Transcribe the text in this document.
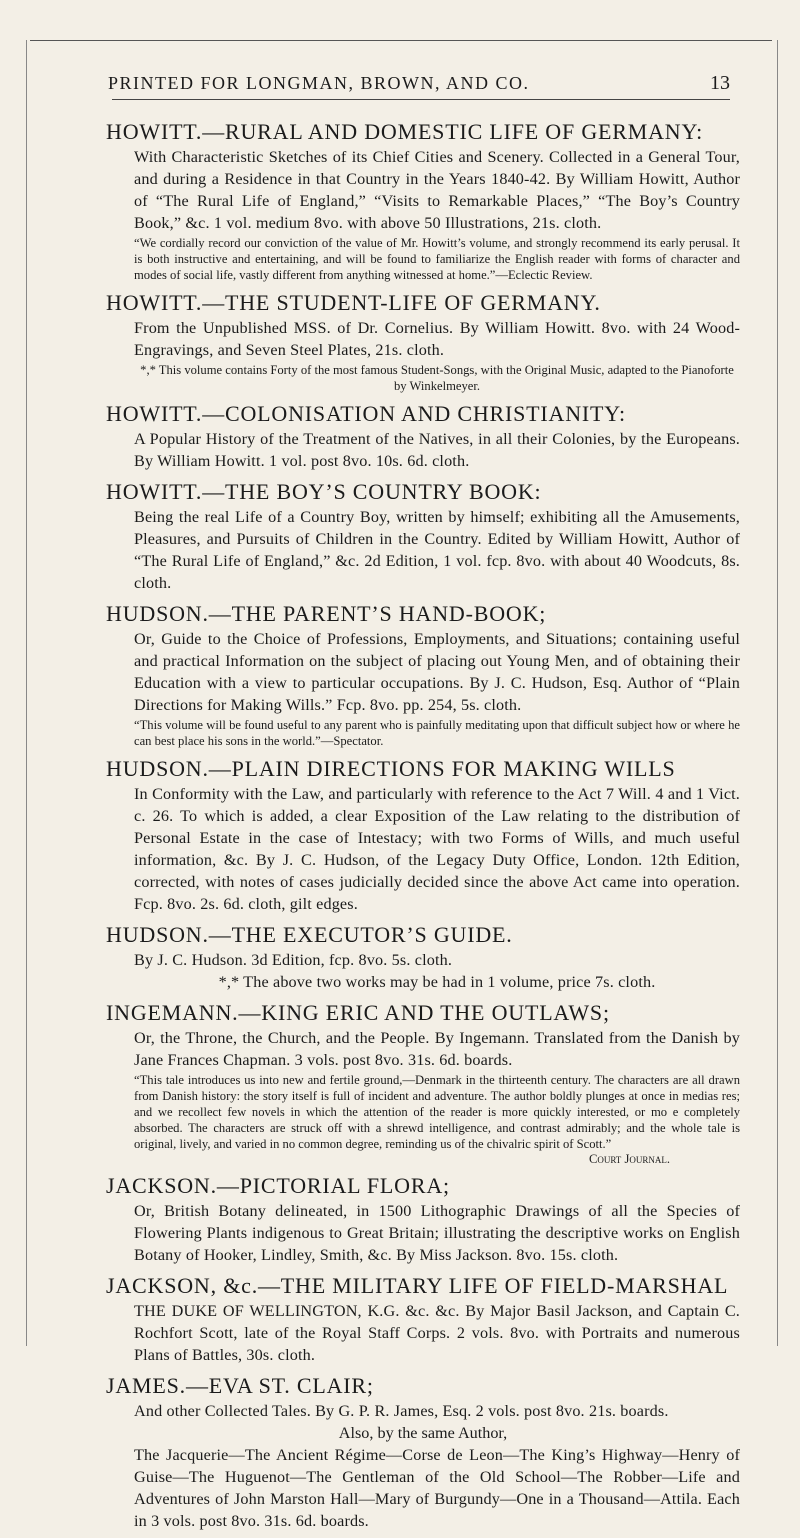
PRINTED FOR LONGMAN, BROWN, AND CO.	13
HOWITT.—RURAL AND DOMESTIC LIFE OF GERMANY:
With Characteristic Sketches of its Chief Cities and Scenery. Collected in a General Tour, and during a Residence in that Country in the Years 1840-42. By William Howitt, Author of “The Rural Life of England,” “Visits to Remarkable Places,” “The Boy’s Country Book,” &c. 1 vol. medium 8vo. with above 50 Illustrations, 21s. cloth.
“We cordially record our conviction of the value of Mr. Howitt’s volume, and strongly recommend its early perusal. It is both instructive and entertaining, and will be found to familiarize the English reader with forms of character and modes of social life, vastly different from anything witnessed at home.”—Eclectic Review.
HOWITT.—THE STUDENT-LIFE OF GERMANY.
From the Unpublished MSS. of Dr. Cornelius. By William Howitt. 8vo. with 24 Wood-Engravings, and Seven Steel Plates, 21s. cloth.
*,* This volume contains Forty of the most famous Student-Songs, with the Original Music, adapted to the Pianoforte by Winkelmeyer.
HOWITT.—COLONISATION AND CHRISTIANITY:
A Popular History of the Treatment of the Natives, in all their Colonies, by the Europeans. By William Howitt. 1 vol. post 8vo. 10s. 6d. cloth.
HOWITT.—THE BOY’S COUNTRY BOOK:
Being the real Life of a Country Boy, written by himself; exhibiting all the Amusements, Pleasures, and Pursuits of Children in the Country. Edited by William Howitt, Author of “The Rural Life of England,” &c. 2d Edition, 1 vol. fcp. 8vo. with about 40 Woodcuts, 8s. cloth.
HUDSON.—THE PARENT’S HAND-BOOK;
Or, Guide to the Choice of Professions, Employments, and Situations; containing useful and practical Information on the subject of placing out Young Men, and of obtaining their Education with a view to particular occupations. By J. C. Hudson, Esq. Author of “Plain Directions for Making Wills.” Fcp. 8vo. pp. 254, 5s. cloth.
“This volume will be found useful to any parent who is painfully meditating upon that difficult subject how or where he can best place his sons in the world.”—Spectator.
HUDSON.—PLAIN DIRECTIONS FOR MAKING WILLS
In Conformity with the Law, and particularly with reference to the Act 7 Will. 4 and 1 Vict. c. 26. To which is added, a clear Exposition of the Law relating to the distribution of Personal Estate in the case of Intestacy; with two Forms of Wills, and much useful information, &c. By J. C. Hudson, of the Legacy Duty Office, London. 12th Edition, corrected, with notes of cases judicially decided since the above Act came into operation. Fcp. 8vo. 2s. 6d. cloth, gilt edges.
HUDSON.—THE EXECUTOR’S GUIDE.
By J. C. Hudson. 3d Edition, fcp. 8vo. 5s. cloth.
*,* The above two works may be had in 1 volume, price 7s. cloth.
INGEMANN.—KING ERIC AND THE OUTLAWS;
Or, the Throne, the Church, and the People. By Ingemann. Translated from the Danish by Jane Frances Chapman. 3 vols. post 8vo. 31s. 6d. boards.
“This tale introduces us into new and fertile ground,—Denmark in the thirteenth century. The characters are all drawn from Danish history: the story itself is full of incident and adventure. The author boldly plunges at once in medias res; and we recollect few novels in which the attention of the reader is more quickly interested, or mo e completely absorbed. The characters are struck off with a shrewd intelligence, and contrast admirably; and the whole tale is original, lively, and varied in no common degree, reminding us of the chivalric spirit of Scott.”
Court Journal.
JACKSON.—PICTORIAL FLORA;
Or, British Botany delineated, in 1500 Lithographic Drawings of all the Species of Flowering Plants indigenous to Great Britain; illustrating the descriptive works on English Botany of Hooker, Lindley, Smith, &c. By Miss Jackson. 8vo. 15s. cloth.
JACKSON, &c.—THE MILITARY LIFE OF FIELD-MARSHAL
THE DUKE OF WELLINGTON, K.G. &c. &c. By Major Basil Jackson, and Captain C. Rochfort Scott, late of the Royal Staff Corps. 2 vols. 8vo. with Portraits and numerous Plans of Battles, 30s. cloth.
JAMES.—EVA ST. CLAIR;
And other Collected Tales. By G. P. R. James, Esq. 2 vols. post 8vo. 21s. boards.
Also, by the same Author,
The Jacquerie—The Ancient Régime—Corse de Leon—The King’s Highway—Henry of Guise—The Huguenot—The Gentleman of the Old School—The Robber—Life and Adventures of John Marston Hall—Mary of Burgundy—One in a Thousand—Attila. Each in 3 vols. post 8vo. 31s. 6d. boards.
